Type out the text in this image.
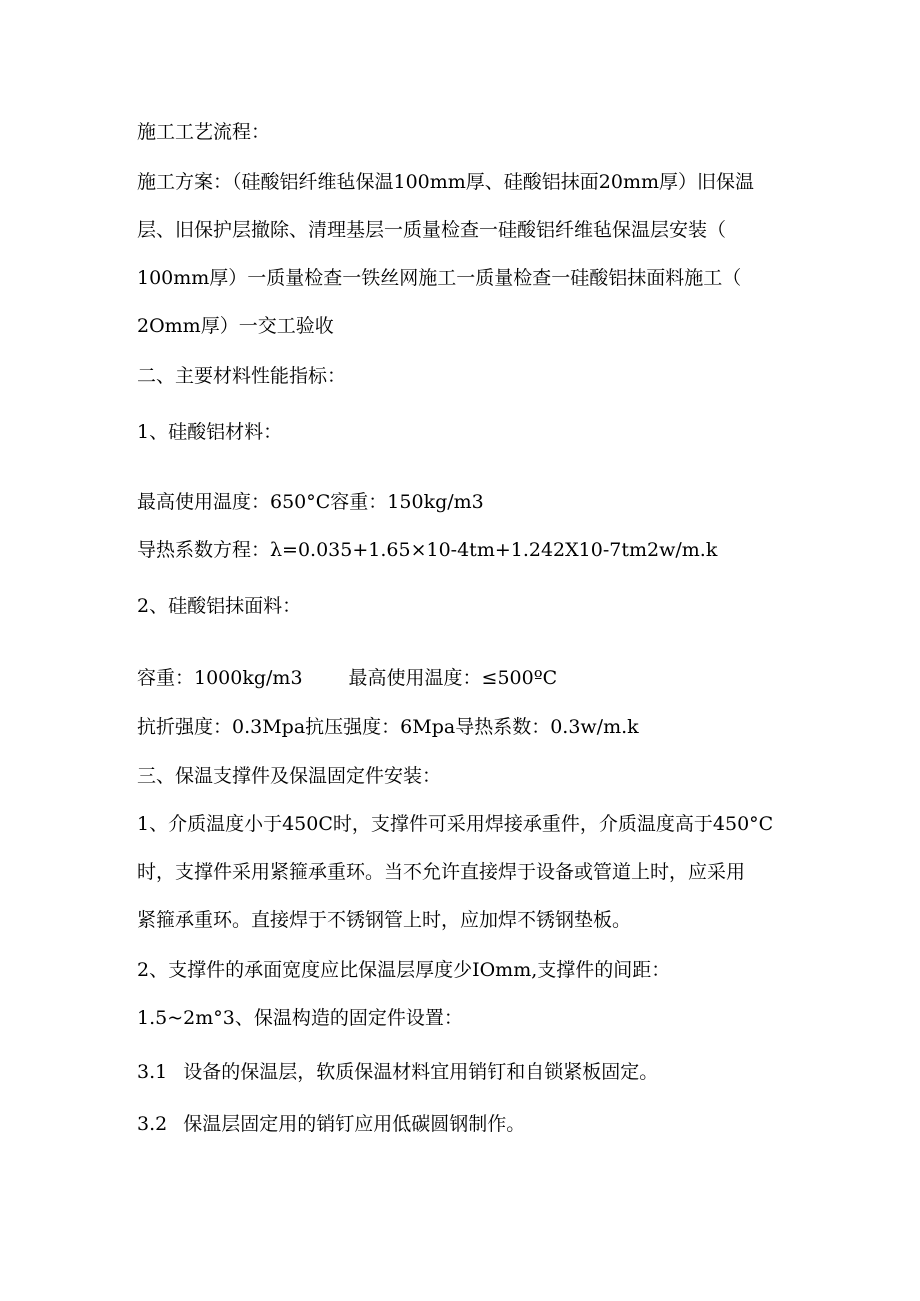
施工工艺流程：
施工方案：（硅酸铝纤维毡保温100mm厚、硅酸铝抹面20mm厚）旧保温
层、旧保护层撤除、清理基层一质量检查一硅酸铝纤维毡保温层安装（
100mm厚）一质量检查一铁丝网施工一质量检查一硅酸铝抹面料施工（
2Omm厚）一交工验收
二、主要材料性能指标：
1、硅酸铝材料：
最高使用温度：650°C容重：150kg∕m3
导热系数方程：λ=0.035+1.65×10-4tm+1.242X10-7tm2w∕m.k
2、硅酸铝抹面料：
容重：1000kg∕m3 最高使用温度：≤500ºC
抗折强度：0.3Mpa抗压强度：6Mpa导热系数：0.3w∕m.k
三、保温支撑件及保温固定件安装：
1、介质温度小于450C时，支撑件可采用焊接承重件，介质温度高于450°C
时，支撑件采用紧箍承重环。当不允许直接焊于设备或管道上时，应采用
紧箍承重环。直接焊于不锈钢管上时，应加焊不锈钢垫板。
2、支撑件的承面宽度应比保温层厚度少IOmm,支撑件的间距：
1.5~2m°3、保温构造的固定件设置：
3.1 设备的保温层，软质保温材料宜用销钉和自锁紧板固定。
3.2 保温层固定用的销钉应用低碳圆钢制作。
